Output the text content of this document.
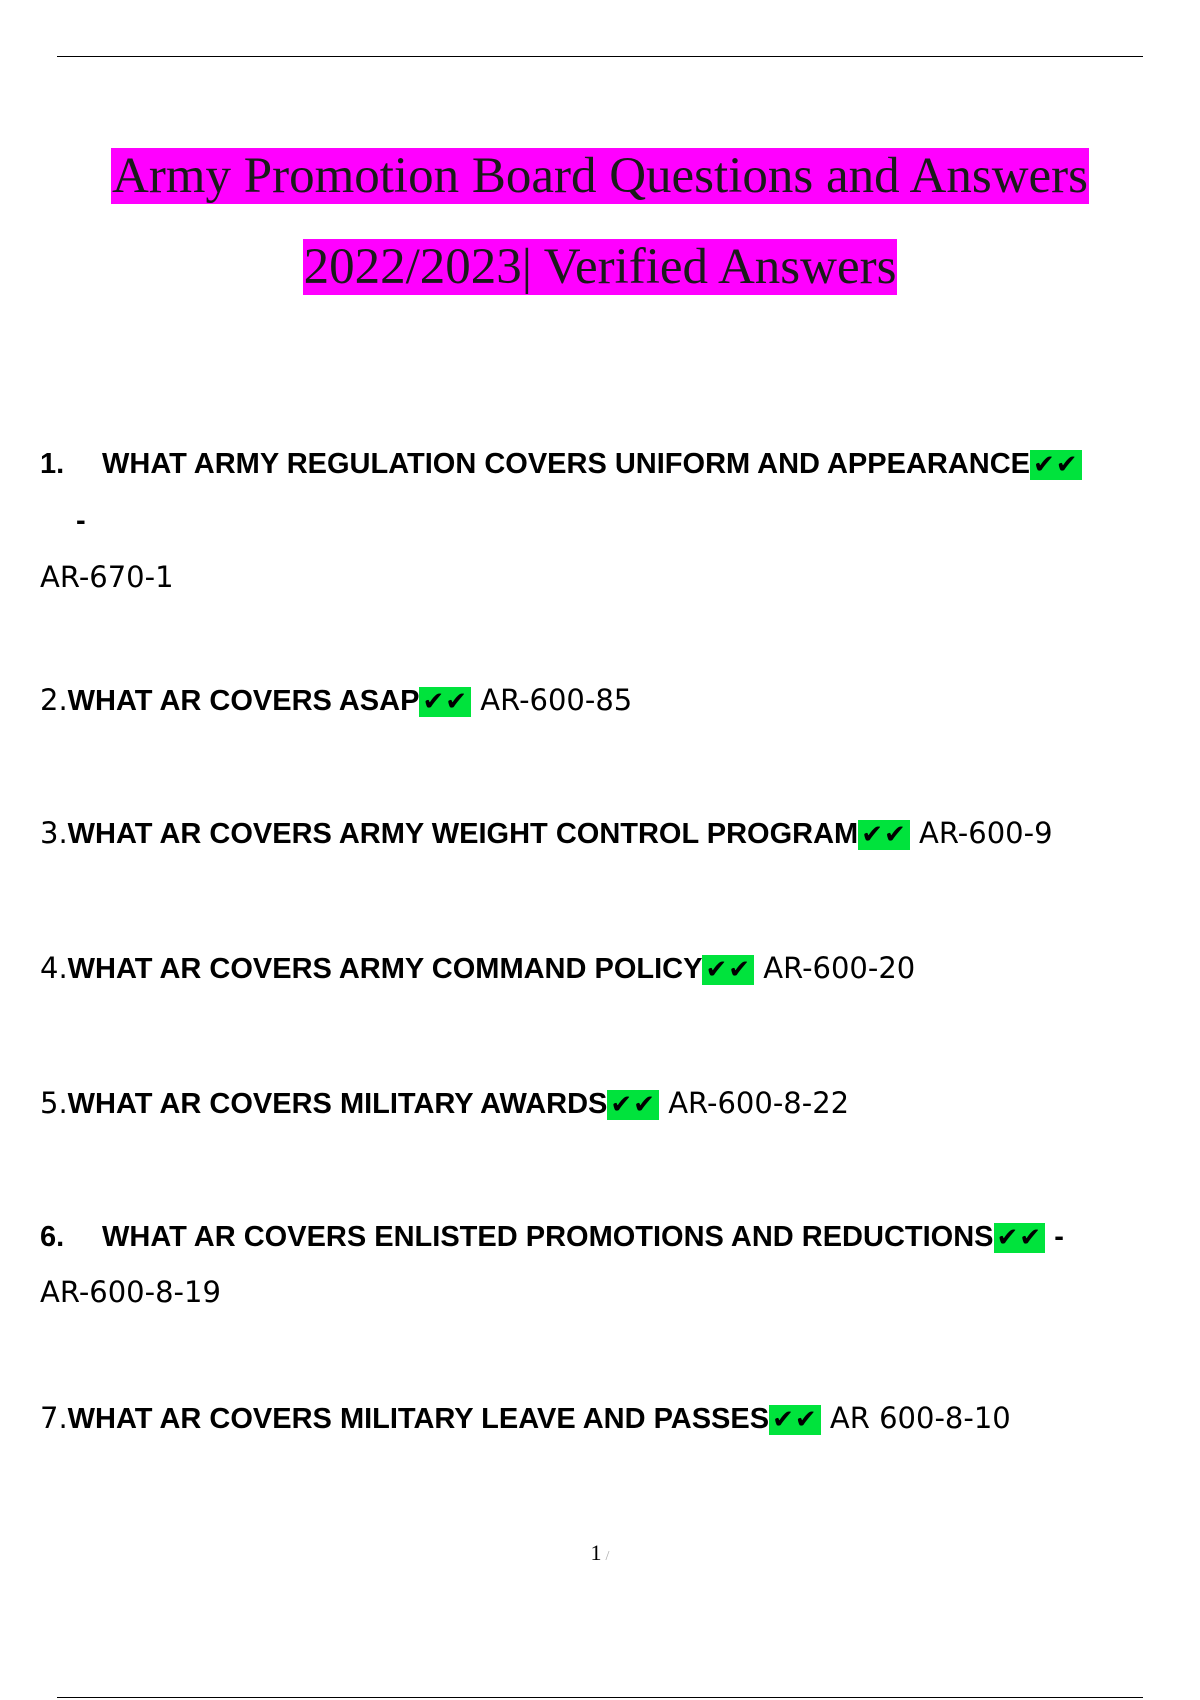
Army Promotion Board Questions and Answers
2022/2023| Verified Answers
1. WHAT ARMY REGULATION COVERS UNIFORM AND APPEARANCE ✔✔
-
AR-670-1
2.WHAT AR COVERS ASAP ✔✔ AR-600-85
3.WHAT AR COVERS ARMY WEIGHT CONTROL PROGRAM ✔✔ AR-600-9
4.WHAT AR COVERS ARMY COMMAND POLICY ✔✔ AR-600-20
5.WHAT AR COVERS MILITARY AWARDS ✔✔ AR-600-8-22
6. WHAT AR COVERS ENLISTED PROMOTIONS AND REDUCTIONS ✔✔ -
AR-600-8-19
7.WHAT AR COVERS MILITARY LEAVE AND PASSES ✔✔ AR 600-8-10
1 /
